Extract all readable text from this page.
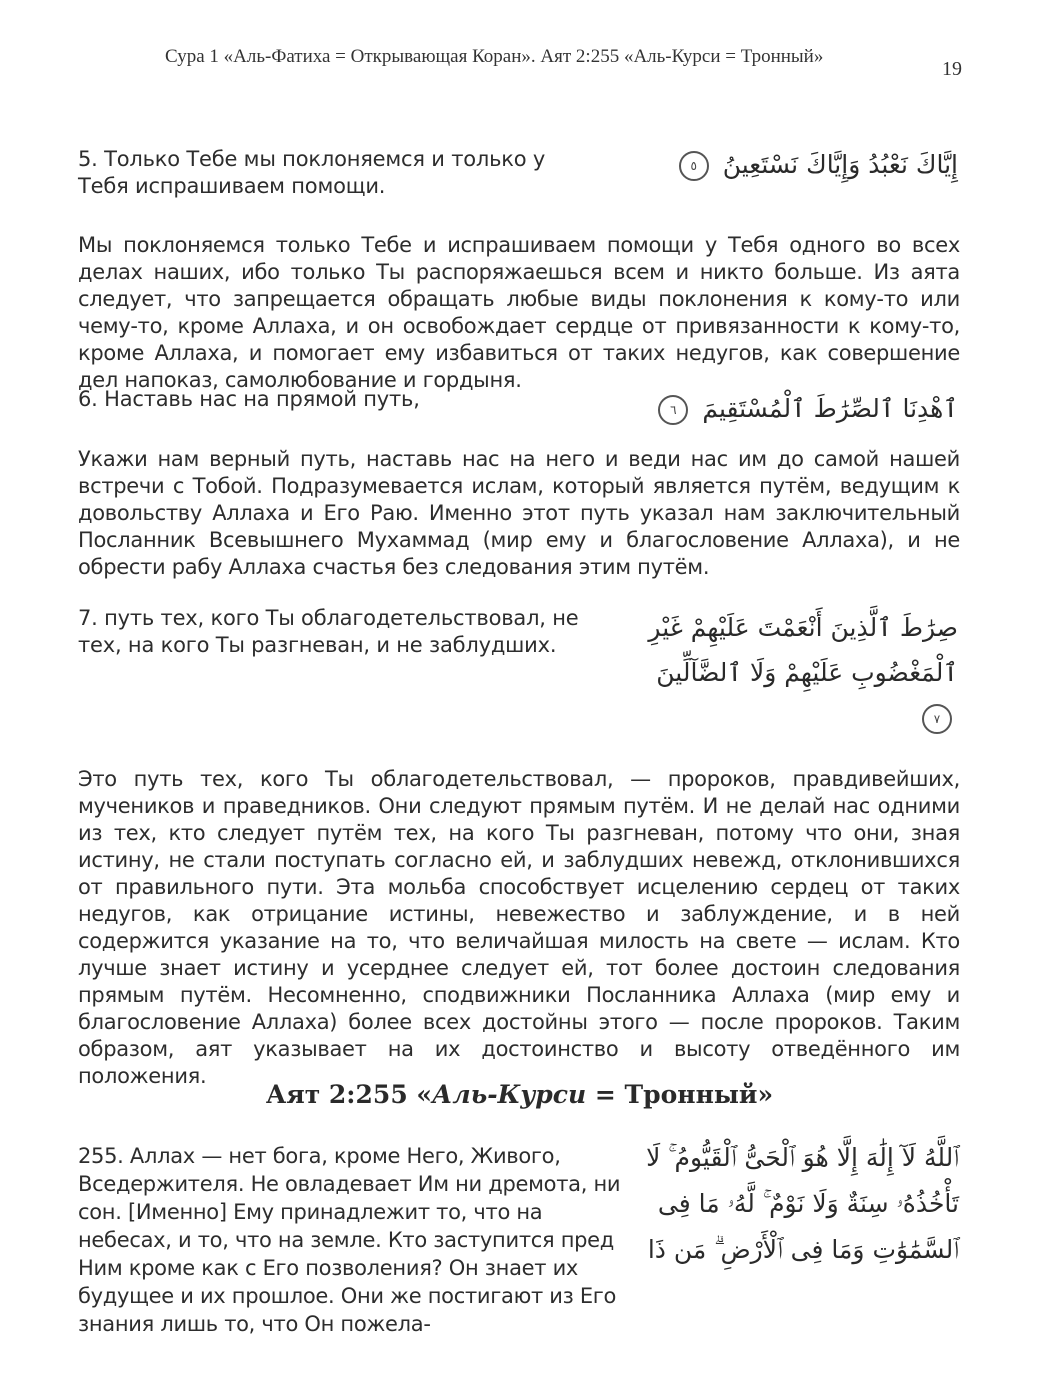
Сура 1 «Аль-Фатиха = Открывающая Коран». Аят 2:255 «Аль-Курси = Тронный»
19
5. Только Тебе мы поклоняемся и только у Тебя испрашиваем помощи.
إِيَّاكَ نَعْبُدُ وَإِيَّاكَ نَسْتَعِينُ ٥
Мы поклоняемся только Тебе и испрашиваем помощи у Тебя одного во всех делах наших, ибо только Ты распоряжаешься всем и никто больше. Из аята следует, что запрещается обращать любые виды поклонения к кому-то или чему-то, кроме Аллаха, и он освобождает сердце от привязанности к кому-то, кроме Аллаха, и помогает ему избавиться от таких недугов, как совершение дел напоказ, самолюбование и гордыня.
6. Наставь нас на прямой путь,	ٱهْدِنَا ٱلصِّرَٰطَ ٱلْمُسْتَقِيمَ ٦
Укажи нам верный путь, наставь нас на него и веди нас им до самой нашей встречи с Тобой. Подразумевается ислам, который является путём, ведущим к довольству Аллаха и Его Раю. Именно этот путь указал нам заключительный Посланник Всевышнего Мухаммад (мир ему и благословение Аллаха), и не обрести рабу Аллаха счастья без следования этим путём.
7. путь тех, кого Ты облагодетельствовал, не тех, на кого Ты разгневан, и не заблудших.
صِرَٰطَ ٱلَّذِينَ أَنْعَمْتَ عَلَيْهِمْ غَيْرِ ٱلْمَغْضُوبِ عَلَيْهِمْ وَلَا ٱلضَّآلِّينَ ٧
Это путь тех, кого Ты облагодетельствовал, — пророков, правдивейших, мучеников и праведников. Они следуют прямым путём. И не делай нас одними из тех, кто следует путём тех, на кого Ты разгневан, потому что они, зная истину, не стали поступать согласно ей, и заблудших невежд, отклонившихся от правильного пути. Эта мольба способствует исцелению сердец от таких недугов, как отрицание истины, невежество и заблуждение, и в ней содержится указание на то, что величайшая милость на свете — ислам. Кто лучше знает истину и усерднее следует ей, тот более достоин следования прямым путём. Несомненно, сподвижники Посланника Аллаха (мир ему и благословение Аллаха) более всех достойны этого — после пророков. Таким образом, аят указывает на их достоинство и высоту отведённого им положения.
Аят 2:255 «Аль-Курси = Тронный»
255. Аллах — нет бога, кроме Него, Живого, Вседержителя. Не овладевает Им ни дремота, ни сон. [Именно] Ему принадлежит то, что на небесах, и то, что на земле. Кто заступится пред Ним кроме как с Его позволения? Он знает их будущее и их прошлое. Они же постигают из Его знания лишь то, что Он пожела-
ٱللَّهُ لَآ إِلَٰهَ إِلَّا هُوَ ٱلْحَىُّ ٱلْقَيُّومُ ۚ لَا تَأْخُذُهُۥ سِنَةٌ وَلَا نَوْمٌ ۚ لَّهُۥ مَا فِى ٱلسَّمَٰوَٰتِ وَمَا فِى ٱلْأَرْضِ ۗ مَن ذَا
